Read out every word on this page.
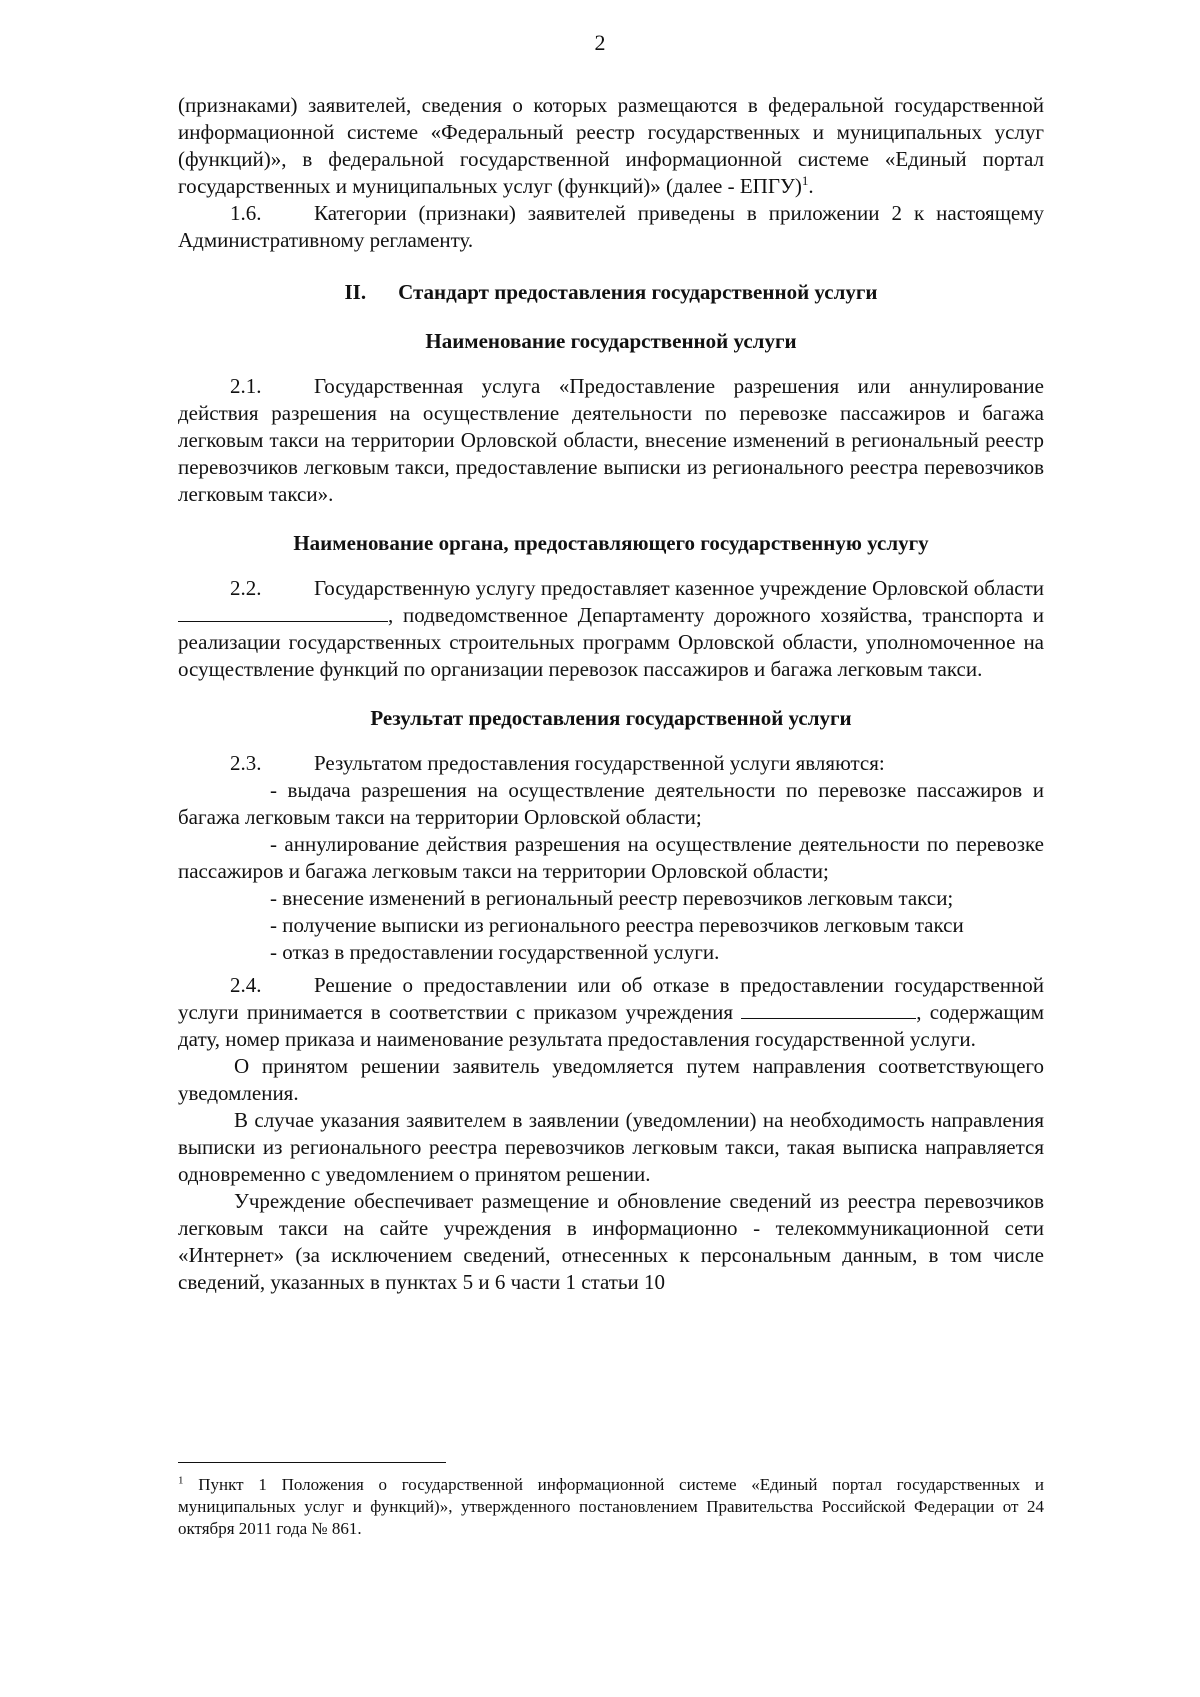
2

(признаками) заявителей, сведения о которых размещаются в федеральной государственной информационной системе «Федеральный реестр государственных и муниципальных услуг (функций)», в федеральной государственной информационной системе «Единый портал государственных и муниципальных услуг (функций)» (далее - ЕПГУ)$^1$.

1.6.	Категории (признаки) заявителей приведены в приложении 2 к настоящему Административному регламенту.

II. Стандарт предоставления государственной услуги
Наименование государственной услуги

2.1.	Государственная услуга «Предоставление разрешения или аннулирование действия разрешения на осуществление деятельности по перевозке пассажиров и багажа легковым такси на территории Орловской области, внесение изменений в региональный реестр перевозчиков легковым такси, предоставление выписки из регионального реестра перевозчиков легковым такси».

Наименование органа, предоставляющего государственную услугу

2.2.	Государственную услугу предоставляет казенное учреждение Орловской области , подведомственное Департаменту дорожного хозяйства, транспорта и реализации государственных строительных программ Орловской области, уполномоченное на осуществление функций по организации перевозок пассажиров и багажа легковым такси.

Результат предоставления государственной услуги

2.3.	Результатом предоставления государственной услуги являются:

- выдача разрешения на осуществление деятельности по перевозке пассажиров и багажа легковым такси на территории Орловской области;

- аннулирование действия разрешения на осуществление деятельности по перевозке пассажиров и багажа легковым такси на территории Орловской области;

- внесение изменений в региональный реестр перевозчиков легковым такси;

- получение выписки из регионального реестра перевозчиков легковым такси

- отказ в предоставлении государственной услуги.

2.4.	Решение о предоставлении или об отказе в предоставлении государственной услуги принимается в соответствии с приказом учреждения	, содержащим дату, номер приказа и наименование результата предоставления государственной услуги.

О принятом решении заявитель уведомляется путем направления соответствующего уведомления.

В случае указания заявителем в заявлении (уведомлении) на необходимость направления выписки из регионального реестра перевозчиков легковым такси, такая выписка направляется одновременно с уведомлением о принятом решении.

Учреждение обеспечивает размещение и обновление сведений из реестра перевозчиков легковым такси на сайте учреждения в информационно - телекоммуникационной сети «Интернет» (за исключением сведений, отнесенных к персональным данным, в том числе сведений, указанных в пунктах 5 и 6 части 1 статьи 10

$^1$ Пункт 1 Положения о государственной информационной системе «Единый портал государственных и муниципальных услуг и функций)», утвержденного постановлением Правительства Российской Федерации от 24 октября 2011 года № 861.
